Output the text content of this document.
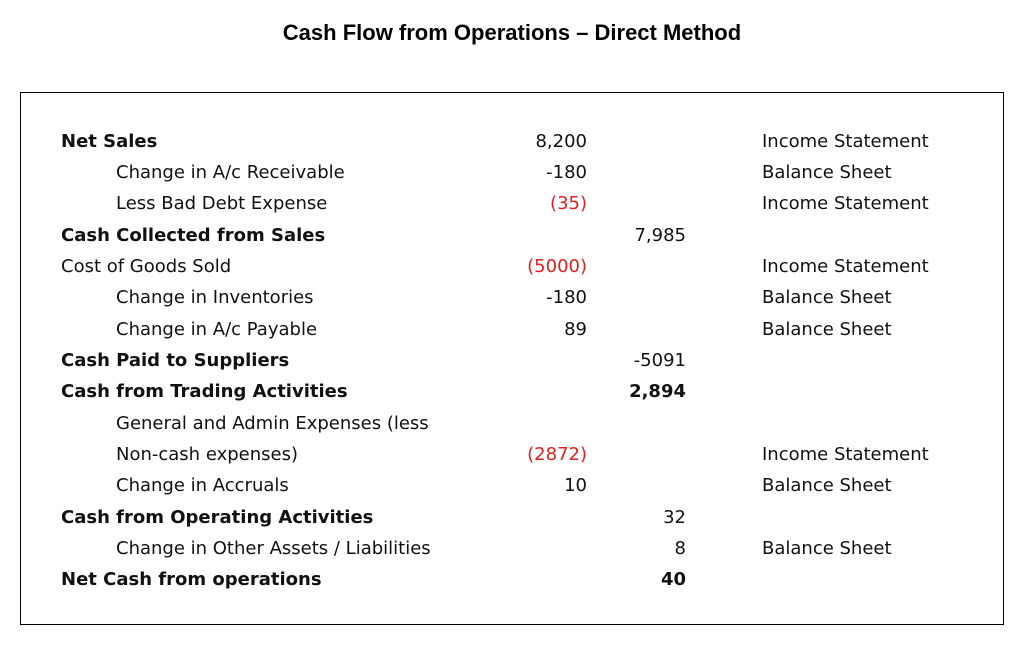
Cash Flow from Operations – Direct Method
Net Sales	8,200	Income Statement
Change in A/c Receivable	-180	Balance Sheet
Less Bad Debt Expense	(35)	Income Statement
Cash Collected from Sales	7,985
Cost of Goods Sold	(5000)	Income Statement
Change in Inventories	-180	Balance Sheet
Change in A/c Payable	89	Balance Sheet
Cash Paid to Suppliers	-5091
Cash from Trading Activities	2,894
General and Admin Expenses (less
Non-cash expenses)	(2872)	Income Statement
Change in Accruals	10	Balance Sheet
Cash from Operating Activities	32
Change in Other Assets / Liabilities	8	Balance Sheet
Net Cash from operations	40
